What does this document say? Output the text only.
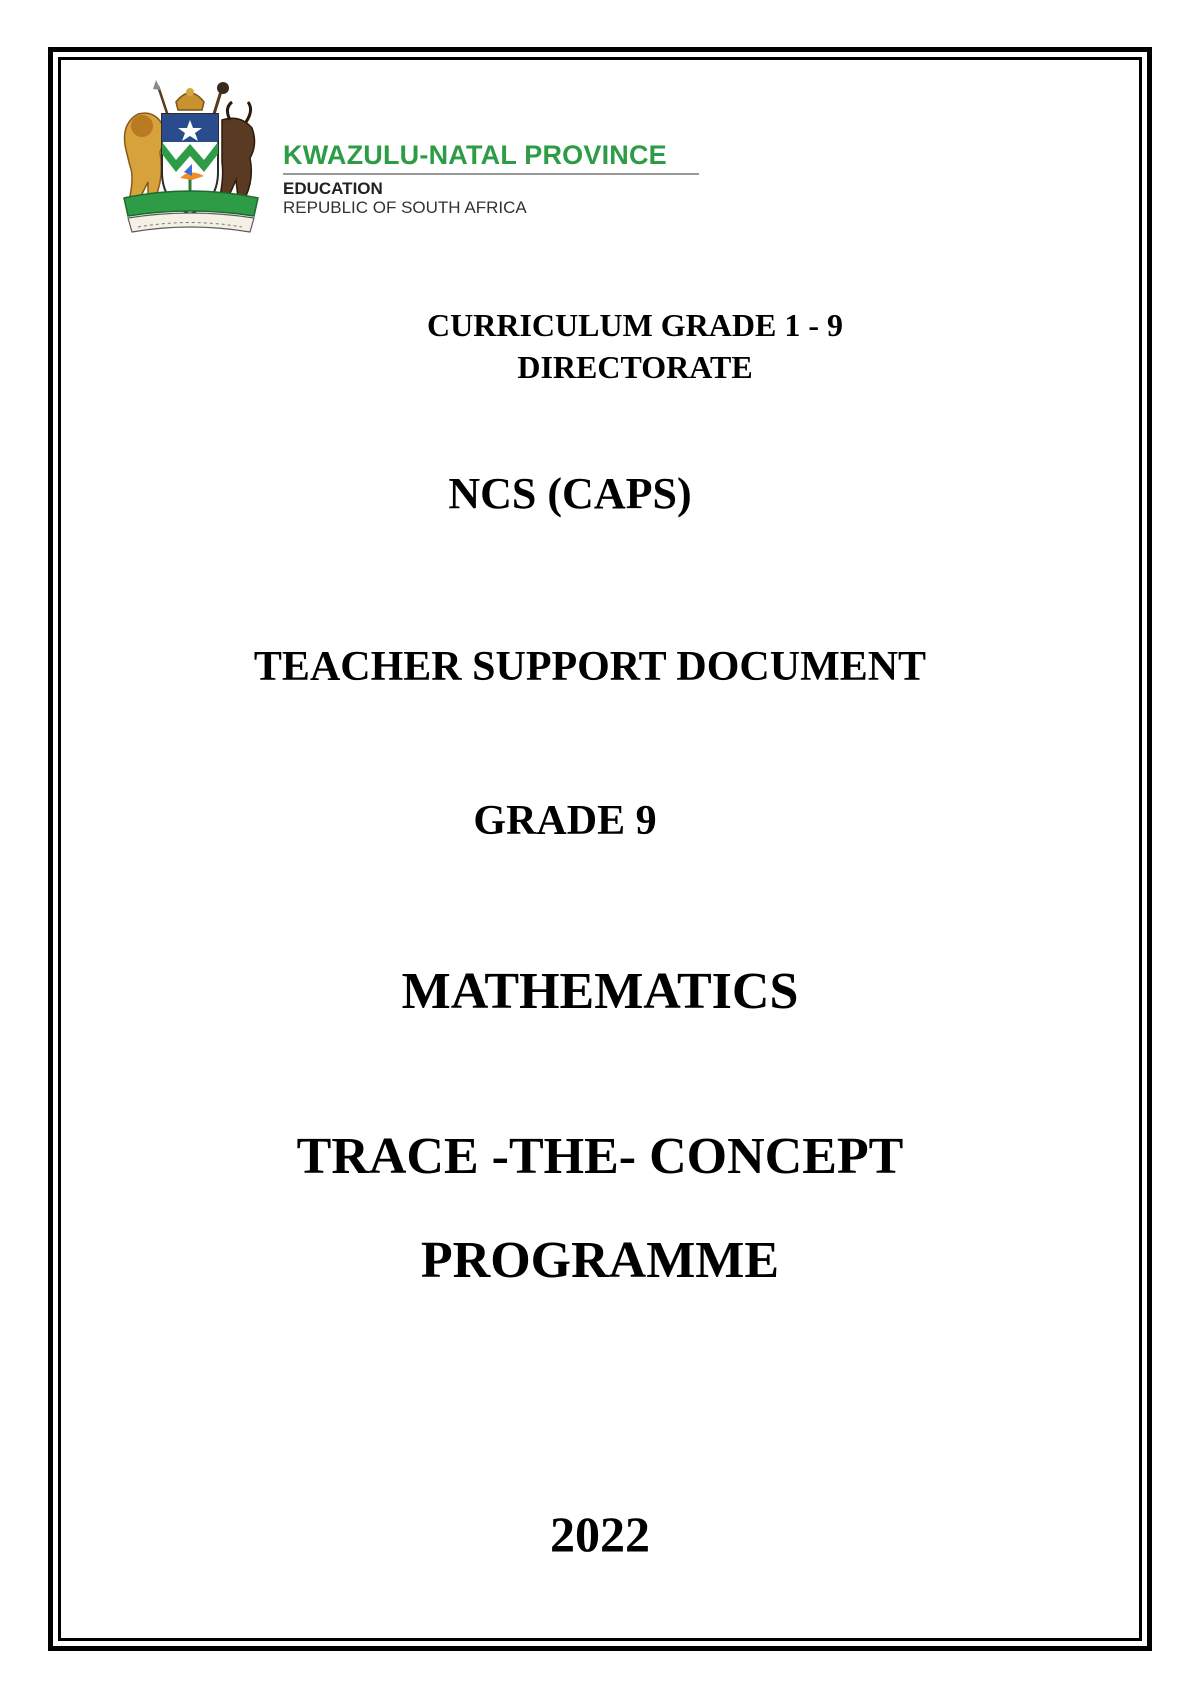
KWAZULU-NATAL PROVINCE
EDUCATION
REPUBLIC OF SOUTH AFRICA
CURRICULUM GRADE 1 - 9
DIRECTORATE
NCS (CAPS)
TEACHER SUPPORT DOCUMENT
GRADE 9
MATHEMATICS
TRACE -THE- CONCEPT
PROGRAMME
2022
